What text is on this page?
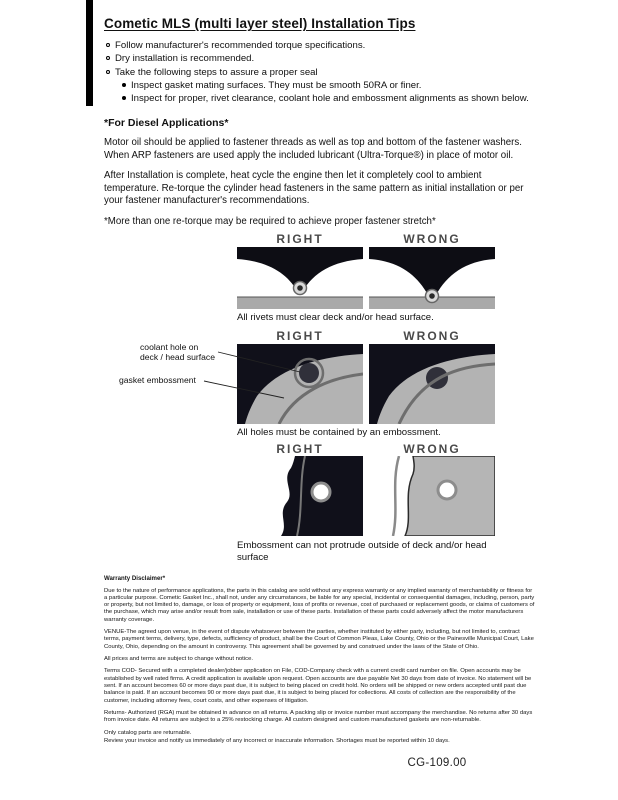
Cometic MLS (multi layer steel) Installation Tips
Follow manufacturer's recommended torque specifications.
Dry installation is recommended.
Take the following steps to assure a proper seal
Inspect gasket mating surfaces. They must be smooth 50RA or finer.
Inspect for proper, rivet clearance, coolant hole and embossment alignments as shown below.
*For Diesel Applications*
Motor oil should be applied to fastener threads as well as top and bottom of the fastener washers. When ARP fasteners are used apply the included lubricant (Ultra-Torque®) in place of motor oil.
After Installation is complete, heat cycle the engine then let it completely cool to ambient temperature. Re-torque the cylinder head fasteners in the same pattern as initial installation or per your fastener manufacturer's recommendations.
*More than one re-torque may be required to achieve proper fastener stretch*
RIGHT	WRONG
All rivets must clear deck and/or head surface.
RIGHT	WRONG
All holes must be contained by an embossment.
coolant hole on
deck / head surface
gasket embossment
RIGHT	WRONG
Embossment can not protrude outside of deck and/or head surface
Warranty Disclaimer*

Due to the nature of performance applications, the parts in this catalog are sold without any express warranty or any implied warranty of merchantability or fitness for a particular purpose. Cometic Gasket Inc., shall not, under any circumstances, be liable for any special, incidental or consequential damages, including, person, party or property, but not limited to, damage, or loss of property or equipment, loss of profits or revenue, cost of purchased or replacement goods, or claims of customers of the purchase, which may arise and/or result from sale, installation or use of these parts. Installation of these parts could adversely affect the motor manufacturers warranty coverage.

VENUE-The agreed upon venue, in the event of dispute whatsoever between the parties, whether instituted by either party, including, but not limited to, contract terms, payment terms, delivery, type, defects, sufficiency of product, shall be the Court of Common Pleas, Lake County, Ohio or the Painesville Municipal Court, Lake County, Ohio, depending on the amount in controversy. This agreement shall be governed by and construed under the laws of the State of Ohio.

All prices and terms are subject to change without notice.

Terms COD- Secured with a completed dealer/jobber application on File, COD-Company check with a current credit card number on file. Open accounts may be established by well rated firms. A credit application is available upon request. Open accounts are due payable Net 30 days from date of invoice. No statement will be sent. If an account becomes 60 or more days past due, it is subject to being placed on credit hold. No orders will be shipped or new orders accepted until past due balance is paid. If an account becomes 90 or more days past due, it is subject to being placed for collections. All costs of collection are the responsibility of the customer, including attorney fees, court costs, and other expenses of litigation.

Returns- Authorized (RGA) must be obtained in advance on all returns. A packing slip or invoice number must accompany the merchandise. No returns after 30 days from invoice date. All returns are subject to a 25% restocking charge. All custom designed and custom manufactured gaskets are non-returnable.

Only catalog parts are returnable.

Review your invoice and notify us immediately of any incorrect or inaccurate information. Shortages must be reported within 10 days.

CG-109.00
